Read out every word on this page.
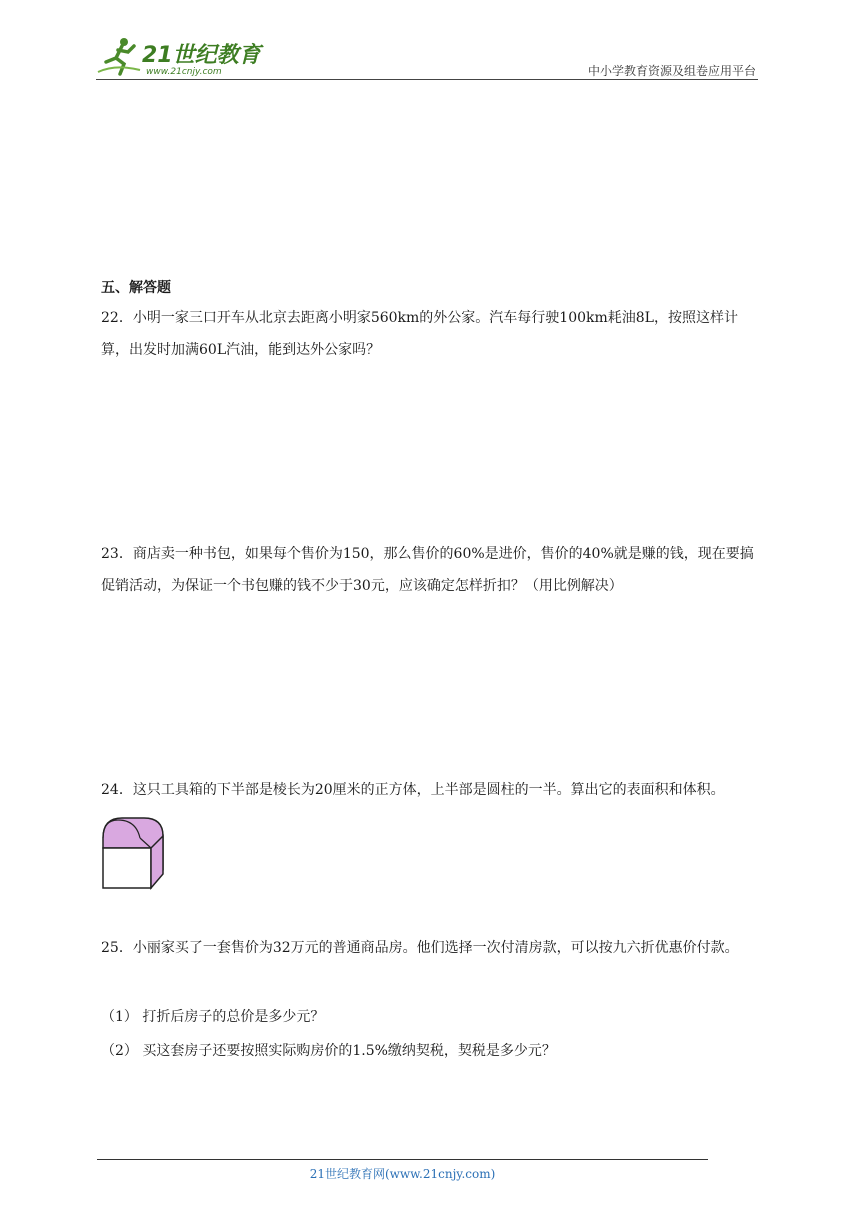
21世纪教育
www.21cnjy.com	中小学教育资源及组卷应用平台
五、解答题
22．小明一家三口开车从北京去距离小明家560km的外公家。汽车每行驶100km耗油8L，按照这样计算，出发时加满60L汽油，能到达外公家吗？
23．商店卖一种书包，如果每个售价为150，那么售价的60%是进价，售价的40%就是赚的钱，现在要搞促销活动，为保证一个书包赚的钱不少于30元，应该确定怎样折扣？（用比例解决）
24．这只工具箱的下半部是棱长为20厘米的正方体，上半部是圆柱的一半。算出它的表面积和体积。
25．小丽家买了一套售价为32万元的普通商品房。他们选择一次付清房款，可以按九六折优惠价付款。
（1） 打折后房子的总价是多少元？
（2） 买这套房子还要按照实际购房价的1.5%缴纳契税，契税是多少元？
21世纪教育网(www.21cnjy.com)
